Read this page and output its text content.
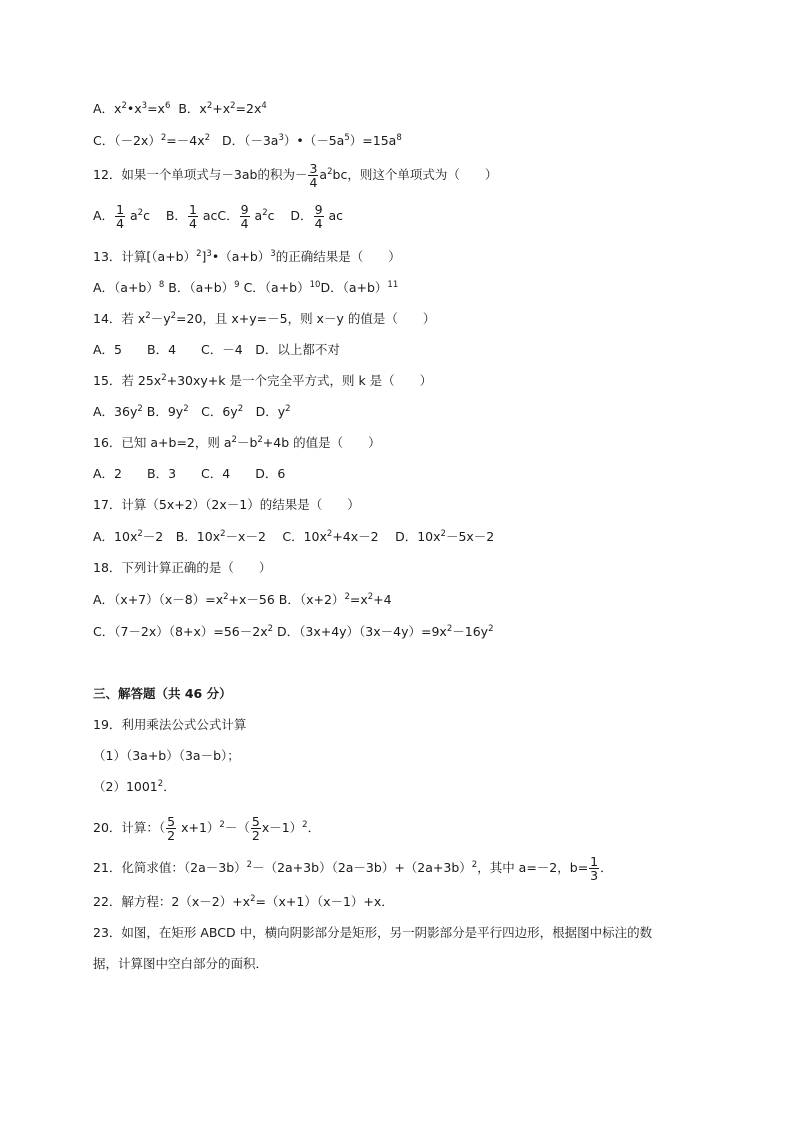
A．$x^2•x^3=x^6$ B．$x^2+x^2=2x^4$
C．$(-2x)^2=-4x^2$ D．$(-3a^3)•(-5a^5)=15a^8$
12．如果一个单项式与－3ab的积为－ $\frac{3}{4} a^2bc$，则这个单项式为（　　）
A． $\frac{1}{4} a^2c$ B． $\frac{1}{4}$ acC． $\frac{9}{4} a^2c$ D． $\frac{9}{4}$ ac
13．计算$[(a+b)^2]^3•(a+b)^3$的正确结果是（　　）
A．$(a+b)^8$ B．$(a+b)^9$ C．$(a+b)^{10}D$．$(a+b)^{11}$
14．若 $x^2-y^2=20$，且 x+y=－5，则 x－y 的值是（　　）
A．5　　B．4　　C．－4　D．以上都不对
15．若 $25x^2+30xy+k$ 是一个完全平方式，则 k 是（　　）
A．$36y^2$ B．$9y^2$　C．$6y^2$　D．$y^2$
16．已知 a+b=2，则 $a^2-b^2+4b$ 的值是（　　）
A．2　　B．3　　C．4　　D．6
17．计算（5x+2）（2x－1）的结果是（　　）
A．$10x^2-2$　B．$10x^2-x-2$　 C．$10x^2+4x-2$　 D．$10x^2-5x-2$
18．下列计算正确的是（　　）
A．$(x+7)(x-8)=x^2+x-56$ B．$(x+2)^2=x^2+4$
C．$(7-2x)(8+x)=56-2x^2$ D．$(3x+4y)(3x-4y)=9x^2-16y^2$
三、解答题（共 46 分）
19．利用乘法公式公式计算
（1）（3a+b）（3a－b）；
（2）1001$^2$．
20．计算：（ $\frac{5}{2} x+1)^2-( \frac{5}{2} x-1)^2$．
21．化简求值：$(2a-3b)^2-(2a+3b)(2a-3b)+(2a+3b)^2$，其中 a=－2，$b= \frac{1}{3}$ ．
22．解方程：$2(x-2)+x^2=(x+1)(x-1)+x$．
23．如图，在矩形 ABCD 中，横向阴影部分是矩形，另一阴影部分是平行四边形，根据图中标注的数
据，计算图中空白部分的面积．
